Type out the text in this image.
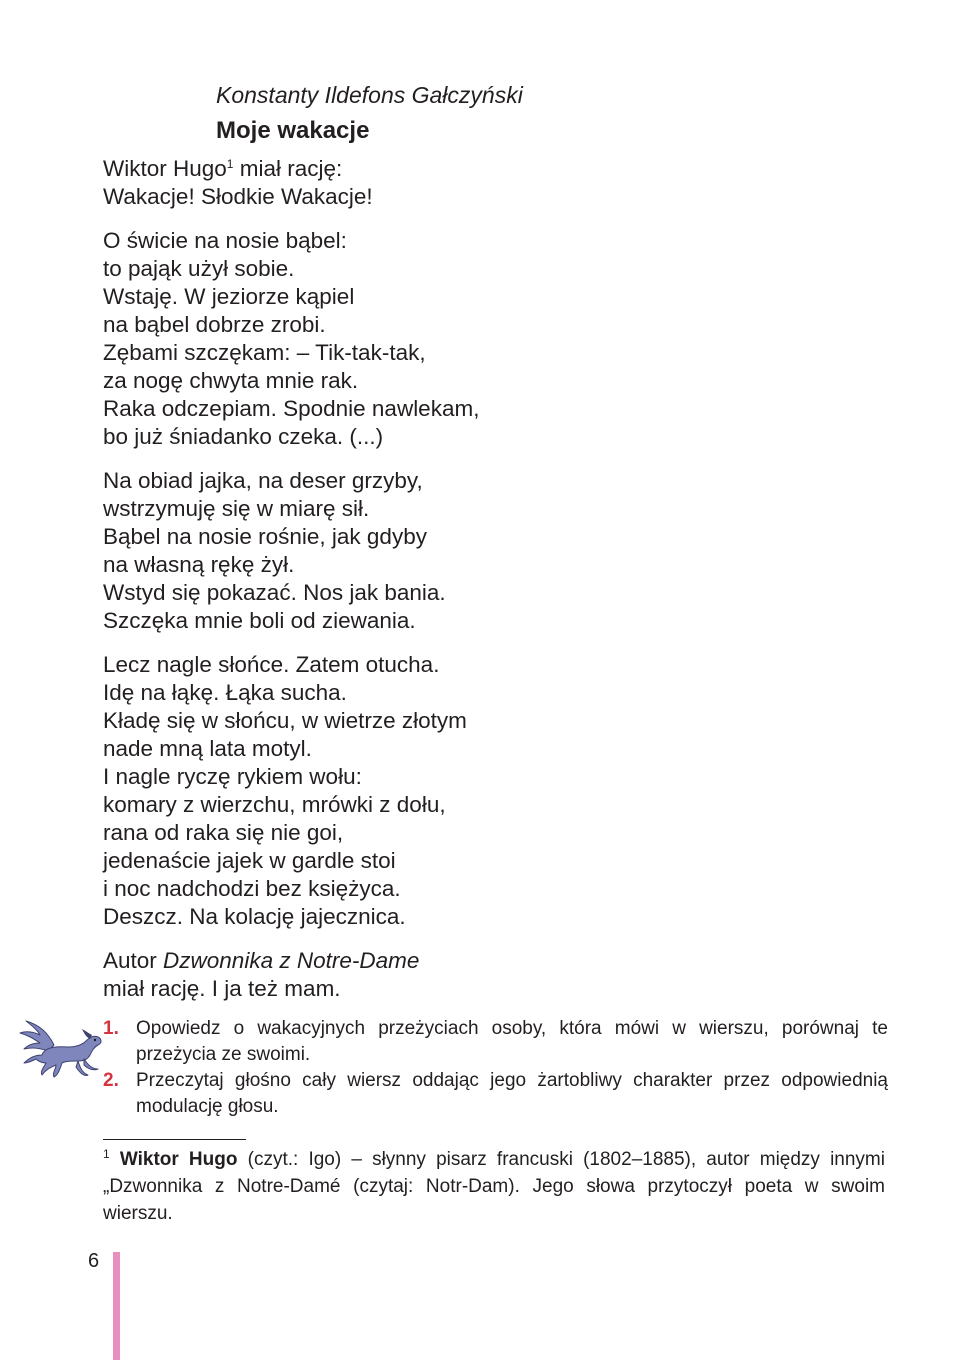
Konstanty Ildefons Gałczyński
Moje wakacje
Wiktor Hugo$^1$ miał rację:
Wakacje! Słodkie Wakacje!
O świcie na nosie bąbel:
to pająk użył sobie.
Wstaję. W jeziorze kąpiel
na bąbel dobrze zrobi.
Zębami szczękam: – Tik-tak-tak,
za nogę chwyta mnie rak.
Raka odczepiam. Spodnie nawlekam,
bo już śniadanko czeka. (...)
Na obiad jajka, na deser grzyby,
wstrzymuję się w miarę sił.
Bąbel na nosie rośnie, jak gdyby
na własną rękę żył.
Wstyd się pokazać. Nos jak bania.
Szczęka mnie boli od ziewania.
Lecz nagle słońce. Zatem otucha.
Idę na łąkę. Łąka sucha.
Kładę się w słońcu, w wietrze złotym
nade mną lata motyl.
I nagle ryczę rykiem wołu:
komary z wierzchu, mrówki z dołu,
rana od raka się nie goi,
jedenaście jajek w gardle stoi
i noc nadchodzi bez księżyca.
Deszcz. Na kolację jajecznica.
Autor Dzwonnika z Notre-Dame
miał rację. I ja też mam.
1. Opowiedz o wakacyjnych przeżyciach osoby, która mówi w wierszu, porównaj te przeżycia ze swoimi.
2. Przeczytaj głośno cały wiersz oddając jego żartobliwy charakter przez odpowiednią modulację głosu.
$^1$ Wiktor Hugo (czyt.: Igo) – słynny pisarz francuski (1802–1885), autor między innymi „Dzwonnika z Notre-Damé (czytaj: Notr-Dam). Jego słowa przytoczył poeta w swoim wierszu.
6
